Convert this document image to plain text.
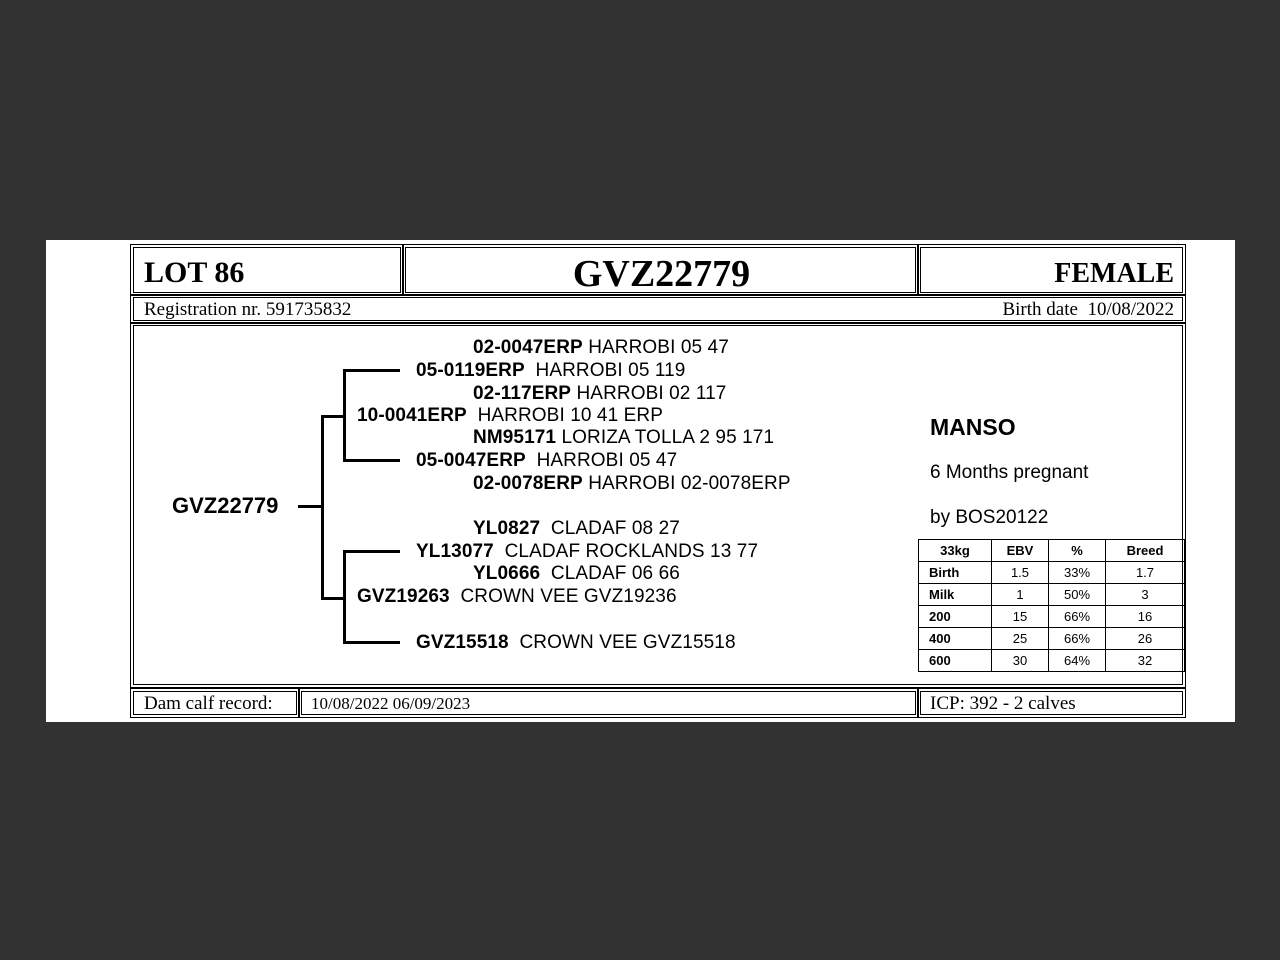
LOT 86	GVZ22779	FEMALE
Registration nr. 591735832	Birth date 10/08/2022
GVZ22779
02-0047ERP HARROBI 05 47
05-0119ERP HARROBI 05 119
02-117ERP HARROBI 02 117
10-0041ERP HARROBI 10 41 ERP
NM95171 LORIZA TOLLA 2 95 171
05-0047ERP HARROBI 05 47
02-0078ERP HARROBI 02-0078ERP
YL0827 CLADAF 08 27
YL13077 CLADAF ROCKLANDS 13 77
YL0666 CLADAF 06 66
GVZ19263 CROWN VEE GVZ19236
GVZ15518 CROWN VEE GVZ15518
MANSO
6 Months pregnant
by BOS20122
33kg	EBV	%	Breed
Birth	1.5	33%	1.7
Milk	1	50%	3
200	15	66%	16
400	25	66%	26
600	30	64%	32
Dam calf record: 10/08/2022 06/09/2023	ICP: 392 - 2 calves
